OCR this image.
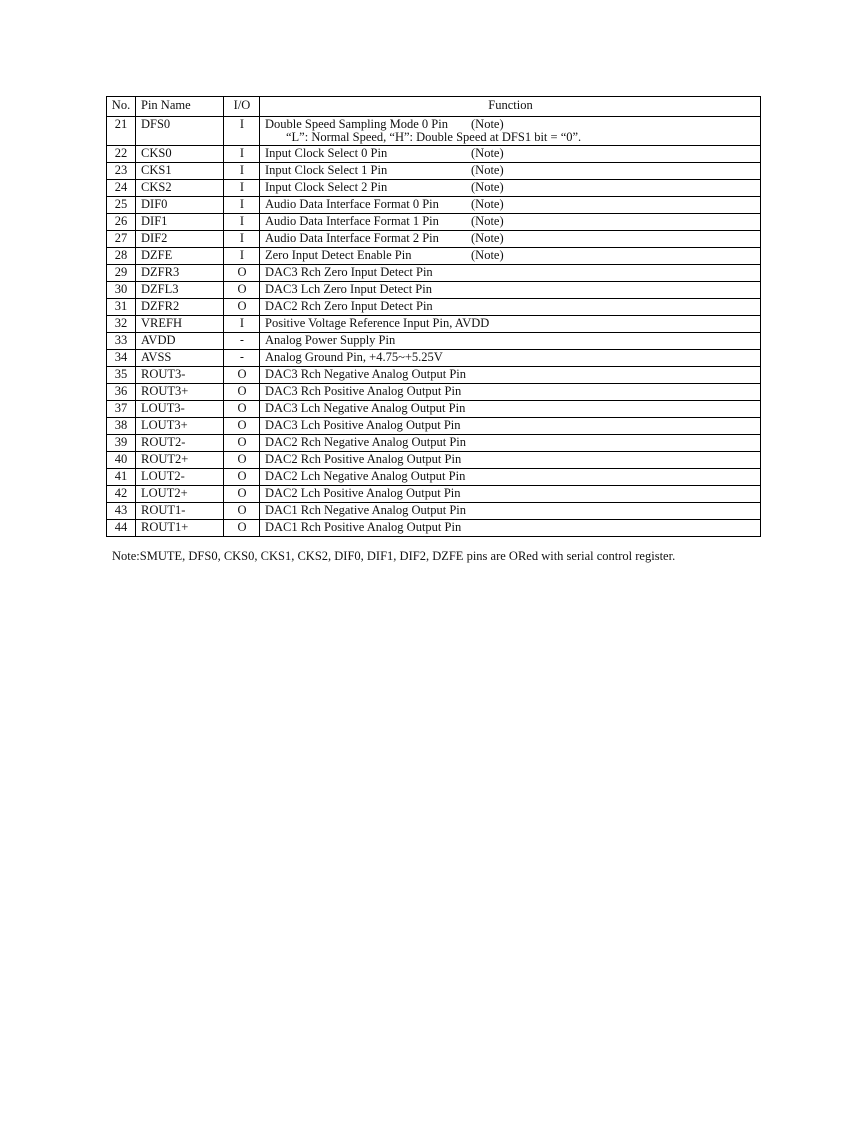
No.	Pin Name	I/O	Function
21	DFS0	I	Double Speed Sampling Mode 0 Pin (Note)
“L”: Normal Speed, “H”: Double Speed at DFS1 bit = “0”.

22	CKS0	I	Input Clock Select 0 Pin (Note)
23	CKS1	I	Input Clock Select 1 Pin (Note)
24	CKS2	I	Input Clock Select 2 Pin (Note)
25	DIF0	I	Audio Data Interface Format 0 Pin (Note)
26	DIF1	I	Audio Data Interface Format 1 Pin (Note)
27	DIF2	I	Audio Data Interface Format 2 Pin (Note)
28	DZFE	I	Zero Input Detect Enable Pin (Note)
29	DZFR3	O	DAC3 Rch Zero Input Detect Pin
30	DZFL3	O	DAC3 Lch Zero Input Detect Pin
31	DZFR2	O	DAC2 Rch Zero Input Detect Pin
32	VREFH	I	Positive Voltage Reference Input Pin, AVDD
33	AVDD	-	Analog Power Supply Pin
34	AVSS	-	Analog Ground Pin, +4.75~+5.25V
35	ROUT3-	O	DAC3 Rch Negative Analog Output Pin
36	ROUT3+	O	DAC3 Rch Positive Analog Output Pin
37	LOUT3-	O	DAC3 Lch Negative Analog Output Pin
38	LOUT3+	O	DAC3 Lch Positive Analog Output Pin
39	ROUT2-	O	DAC2 Rch Negative Analog Output Pin
40	ROUT2+	O	DAC2 Rch Positive Analog Output Pin
41	LOUT2-	O	DAC2 Lch Negative Analog Output Pin
42	LOUT2+	O	DAC2 Lch Positive Analog Output Pin
43	ROUT1-	O	DAC1 Rch Negative Analog Output Pin
44	ROUT1+	O	DAC1 Rch Positive Analog Output Pin
Note:SMUTE, DFS0, CKS0, CKS1, CKS2, DIF0, DIF1, DIF2, DZFE pins are ORed with serial control register.
